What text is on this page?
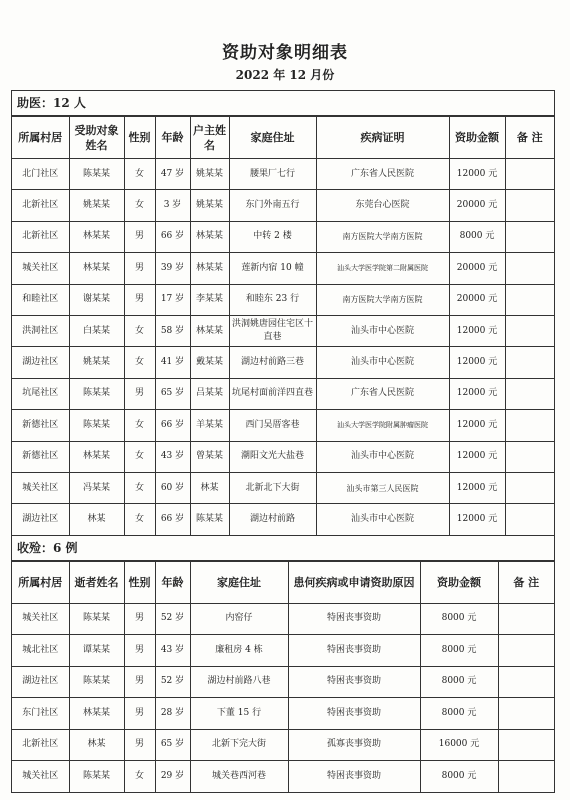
资助对象明细表
2022 年 12 月份
助医：12 人
所属村居	受助对象姓名	性别	年龄	户主姓名	家庭住址	疾病证明	资助金额	备 注
北门社区	陈某某	女	47 岁	姚某某	腰果厂七行	广东省人民医院	12000 元	
北新社区	姚某某	女	3 岁	姚某某	东门外南五行	东莞台心医院	20000 元	
北新社区	林某某	男	66 岁	林某某	中转 2 楼	南方医院大学南方医院	8000 元	
城关社区	林某某	男	39 岁	林某某	莲新内宿 10 幢	汕头大学医学院第二附属医院	20000 元	
和睦社区	谢某某	男	17 岁	李某某	和睦东 23 行	南方医院大学南方医院	20000 元	
洪洞社区	白某某	女	58 岁	林某某	洪洞姚唐园住宅区十直巷	汕头市中心医院	12000 元	
湖边社区	姚某某	女	41 岁	戴某某	湖边村前路三巷	汕头市中心医院	12000 元	
坑尾社区	陈某某	男	65 岁	吕某某	坑尾村面前洋四直巷	广东省人民医院	12000 元	
新德社区	陈某某	女	66 岁	羊某某	西门吴厝客巷	汕头大学医学院附属肿瘤医院	12000 元	
新德社区	林某某	女	43 岁	曾某某	潮阳文光大盐巷	汕头市中心医院	12000 元	
城关社区	冯某某	女	60 岁	林某	北新北下大街	汕头市第三人民医院	12000 元	
湖边社区	林某	女	66 岁	陈某某	湖边村前路	汕头市中心医院	12000 元	
收殓：6 例
所属村居	逝者姓名	性别	年龄	家庭住址	患何疾病或申请资助原因	资助金额	备 注
城关社区	陈某某	男	52 岁	内窑仔	特困丧事资助	8000 元	
城北社区	谭某某	男	43 岁	廉租房 4 栋	特困丧事资助	8000 元	
湖边社区	陈某某	男	52 岁	湖边村前路八巷	特困丧事资助	8000 元	
东门社区	林某某	男	28 岁	下董 15 行	特困丧事资助	8000 元	
北新社区	林某	男	65 岁	北新下完大街	孤寡丧事资助	16000 元	
城关社区	陈某某	女	29 岁	城关巷西河巷	特困丧事资助	8000 元	
